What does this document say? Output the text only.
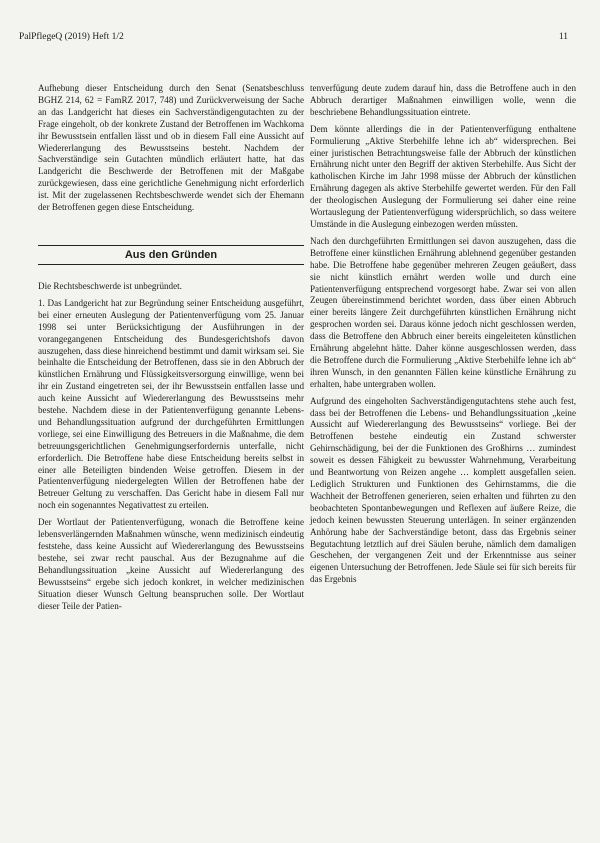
PalPflegeQ (2019) Heft 1/2	11

Aufhebung dieser Entscheidung durch den Senat (Senatsbeschluss BGHZ 214, 62 = FamRZ 2017, 748) und Zurückverweisung der Sache an das Landgericht hat dieses ein Sachverständigengutachten zu der Frage eingeholt, ob der konkrete Zustand der Betroffenen im Wachkoma ihr Bewusstsein entfallen lässt und ob in diesem Fall eine Aussicht auf Wiedererlangung des Bewusstseins besteht. Nachdem der Sachverständige sein Gutachten mündlich erläutert hatte, hat das Landgericht die Beschwerde der Betroffenen mit der Maßgabe zurückgewiesen, dass eine gerichtliche Genehmigung nicht erforderlich ist. Mit der zugelassenen Rechtsbeschwerde wendet sich der Ehemann der Betroffenen gegen diese Entscheidung.

Aus den Gründen

Die Rechtsbeschwerde ist unbegründet.

1. Das Landgericht hat zur Begründung seiner Entscheidung ausgeführt, bei einer erneuten Auslegung der Patientenverfügung vom 25. Januar 1998 sei unter Berücksichtigung der Ausführungen in der vorangegangenen Entscheidung des Bundesgerichtshofs davon auszugehen, dass diese hinreichend bestimmt und damit wirksam sei. Sie beinhalte die Entscheidung der Betroffenen, dass sie in den Abbruch der künstlichen Ernährung und Flüssigkeitsversorgung einwillige, wenn bei ihr ein Zustand eingetreten sei, der ihr Bewusstsein entfallen lasse und auch keine Aussicht auf Wiedererlangung des Bewusstseins mehr bestehe. Nachdem diese in der Patientenverfügung genannte Lebens- und Behandlungssituation aufgrund der durchgeführten Ermittlungen vorliege, sei eine Einwilligung des Betreuers in die Maßnahme, die dem betreuungsgerichtlichen Genehmigungserfordernis unterfalle, nicht erforderlich. Die Betroffene habe diese Entscheidung bereits selbst in einer alle Beteiligten bindenden Weise getroffen. Diesem in der Patientenverfügung niedergelegten Willen der Betroffenen habe der Betreuer Geltung zu verschaffen. Das Gericht habe in diesem Fall nur noch ein sogenanntes Negativattest zu erteilen.

Der Wortlaut der Patientenverfügung, wonach die Betroffene keine lebensverlängernden Maßnahmen wünsche, wenn medizinisch eindeutig feststehe, dass keine Aussicht auf Wiedererlangung des Bewusstseins bestehe, sei zwar recht pauschal. Aus der Bezugnahme auf die Behandlungssituation „keine Aussicht auf Wiedererlangung des Bewusstseins“ ergebe sich jedoch konkret, in welcher medizinischen Situation dieser Wunsch Geltung beanspruchen solle. Der Wortlaut dieser Teile der Patien-

tenverfügung deute zudem darauf hin, dass die Betroffene auch in den Abbruch derartiger Maßnahmen einwilligen wolle, wenn die beschriebene Behandlungssituation eintrete.

Dem könnte allerdings die in der Patientenverfügung enthaltene Formulierung „Aktive Sterbehilfe lehne ich ab“ widersprechen. Bei einer juristischen Betrachtungsweise falle der Abbruch der künstlichen Ernährung nicht unter den Begriff der aktiven Sterbehilfe. Aus Sicht der katholischen Kirche im Jahr 1998 müsse der Abbruch der künstlichen Ernährung dagegen als aktive Sterbehilfe gewertet werden. Für den Fall der theologischen Auslegung der Formulierung sei daher eine reine Wortauslegung der Patientenverfügung widersprüchlich, so dass weitere Umstände in die Auslegung einbezogen werden müssten.

Nach den durchgeführten Ermittlungen sei davon auszugehen, dass die Betroffene einer künstlichen Ernährung ablehnend gegenüber gestanden habe. Die Betroffene habe gegenüber mehreren Zeugen geäußert, dass sie nicht künstlich ernährt werden wolle und durch eine Patientenverfügung entsprechend vorgesorgt habe. Zwar sei von allen Zeugen übereinstimmend berichtet worden, dass über einen Abbruch einer bereits längere Zeit durchgeführten künstlichen Ernährung nicht gesprochen worden sei. Daraus könne jedoch nicht geschlossen werden, dass die Betroffene den Abbruch einer bereits eingeleiteten künstlichen Ernährung abgelehnt hätte. Daher könne ausgeschlossen werden, dass die Betroffene durch die Formulierung „Aktive Sterbehilfe lehne ich ab“ ihren Wunsch, in den genannten Fällen keine künstliche Ernährung zu erhalten, habe untergraben wollen.

Aufgrund des eingeholten Sachverständigengutachtens stehe auch fest, dass bei der Betroffenen die Lebens- und Behandlungssituation „keine Aussicht auf Wiedererlangung des Bewusstseins“ vorliege. Bei der Betroffenen bestehe eindeutig ein Zustand schwerster Gehirnschädigung, bei der die Funktionen des Großhirns … zumindest soweit es dessen Fähigkeit zu bewusster Wahrnehmung, Verarbeitung und Beantwortung von Reizen angehe … komplett ausgefallen seien. Lediglich Strukturen und Funktionen des Gehirnstamms, die die Wachheit der Betroffenen generieren, seien erhalten und führten zu den beobachteten Spontanbewegungen und Reflexen auf äußere Reize, die jedoch keinen bewussten Steuerung unterlägen. In seiner ergänzenden Anhörung habe der Sachverständige betont, dass das Ergebnis seiner Begutachtung letztlich auf drei Säulen beruhe, nämlich dem damaligen Geschehen, der vergangenen Zeit und der Erkenntnisse aus seiner eigenen Untersuchung der Betroffenen. Jede Säule sei für sich bereits für das Ergebnis
